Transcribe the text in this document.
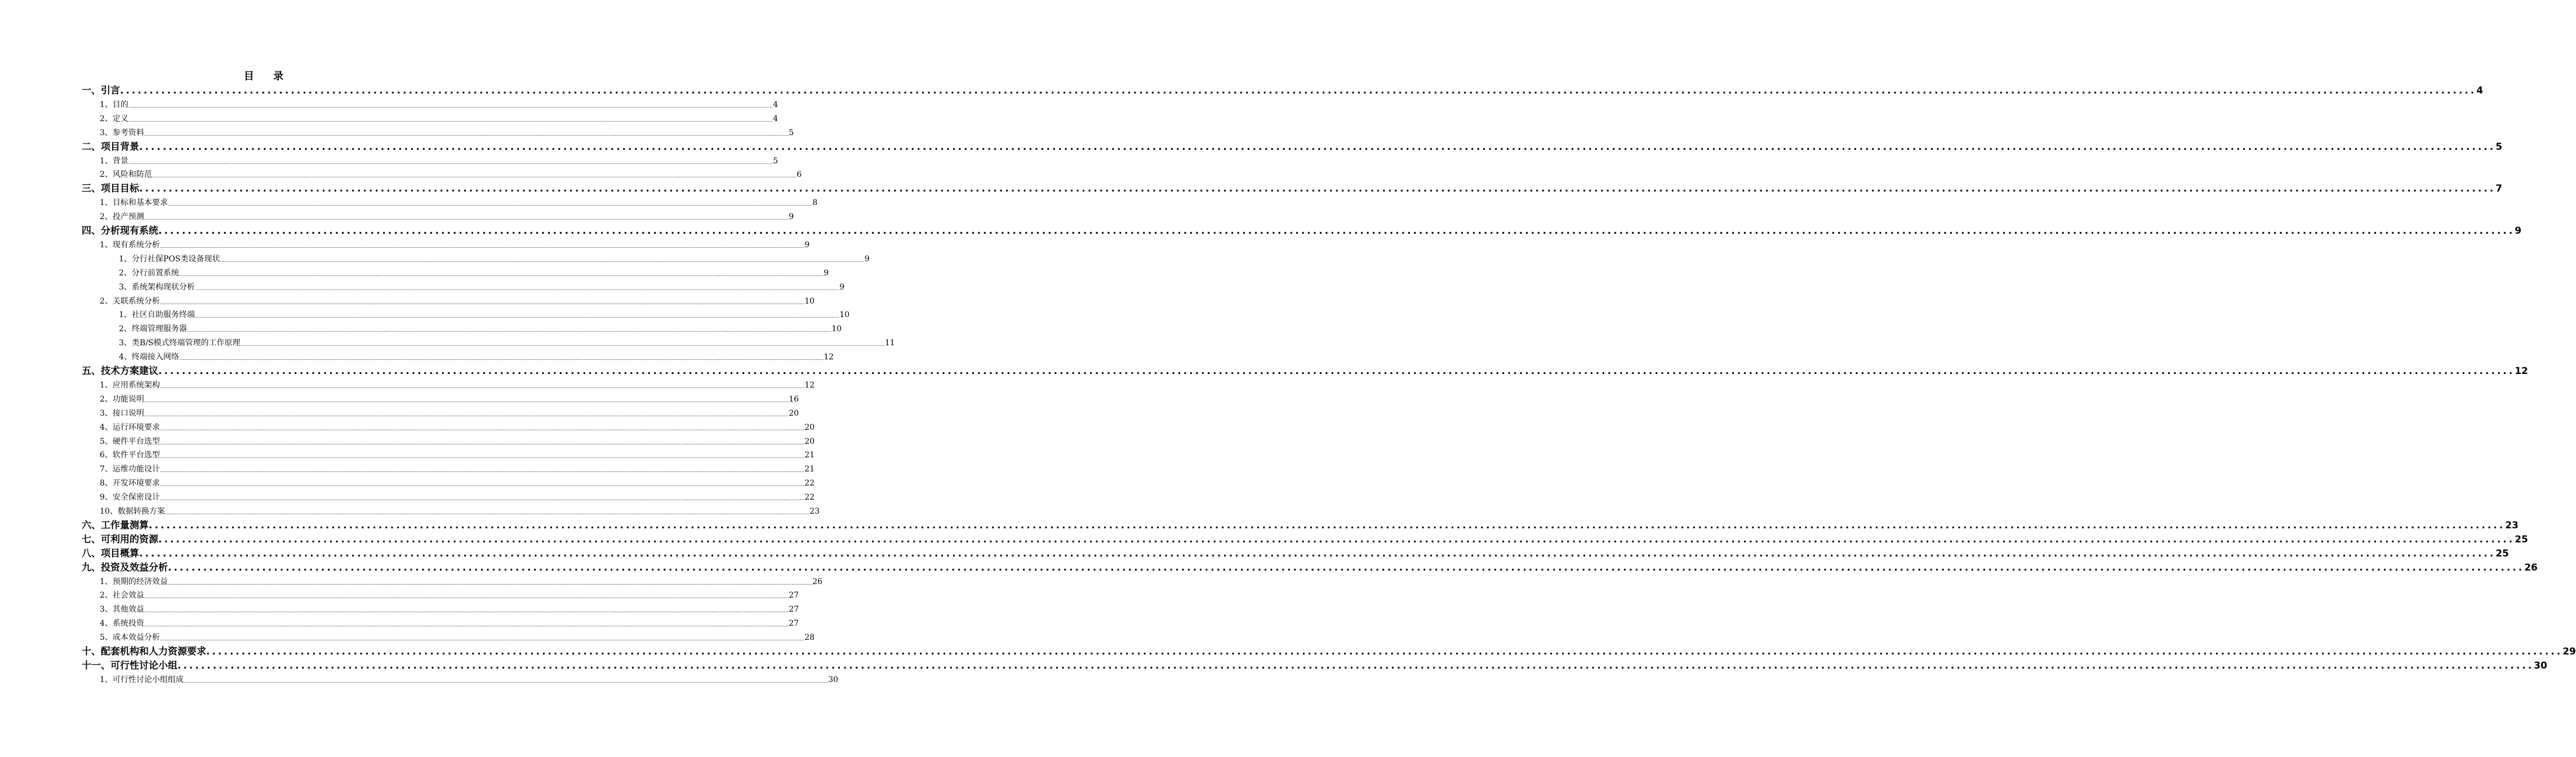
目 录
一、引言 ................................................................................................................................................................................................................................................................................................................................................................................................................ 4
1、目的 ................................................................................................................................................................................................................................................................................................................................................................................................................ 4
2、定义 ................................................................................................................................................................................................................................................................................................................................................................................................................ 4
3、参考资料 ................................................................................................................................................................................................................................................................................................................................................................................................................ 5
二、项目背景 ................................................................................................................................................................................................................................................................................................................................................................................................................ 5
1、背景 ................................................................................................................................................................................................................................................................................................................................................................................................................ 5
2、风险和防范 ................................................................................................................................................................................................................................................................................................................................................................................................................ 6
三、项目目标 ................................................................................................................................................................................................................................................................................................................................................................................................................ 7
1、目标和基本要求 ................................................................................................................................................................................................................................................................................................................................................................................................................ 8
2、投产预测 ................................................................................................................................................................................................................................................................................................................................................................................................................ 9
四、分析现有系统 ................................................................................................................................................................................................................................................................................................................................................................................................................ 9
1、现有系统分析 ................................................................................................................................................................................................................................................................................................................................................................................................................ 9
1、分行社保POS类设备现状 ................................................................................................................................................................................................................................................................................................................................................................................................................ 9
2、分行前置系统 ................................................................................................................................................................................................................................................................................................................................................................................................................ 9
3、系统架构现状分析 ................................................................................................................................................................................................................................................................................................................................................................................................................ 9
2、关联系统分析 ................................................................................................................................................................................................................................................................................................................................................................................................................ 10
1、社区自助服务终端 ................................................................................................................................................................................................................................................................................................................................................................................................................ 10
2、终端管理服务器 ................................................................................................................................................................................................................................................................................................................................................................................................................ 10
3、类B/S模式终端管理的工作原理 ................................................................................................................................................................................................................................................................................................................................................................................................................ 11
4、终端接入网络 ................................................................................................................................................................................................................................................................................................................................................................................................................ 12
五、技术方案建议 ................................................................................................................................................................................................................................................................................................................................................................................................................ 12
1、应用系统架构 ................................................................................................................................................................................................................................................................................................................................................................................................................ 12
2、功能说明 ................................................................................................................................................................................................................................................................................................................................................................................................................ 16
3、接口说明 ................................................................................................................................................................................................................................................................................................................................................................................................................ 20
4、运行环境要求 ................................................................................................................................................................................................................................................................................................................................................................................................................ 20
5、硬件平台选型 ................................................................................................................................................................................................................................................................................................................................................................................................................ 20
6、软件平台选型 ................................................................................................................................................................................................................................................................................................................................................................................................................ 21
7、运维功能设计 ................................................................................................................................................................................................................................................................................................................................................................................................................ 21
8、开发环境要求 ................................................................................................................................................................................................................................................................................................................................................................................................................ 22
9、安全保密设计 ................................................................................................................................................................................................................................................................................................................................................................................................................ 22
10、数据转换方案 ................................................................................................................................................................................................................................................................................................................................................................................................................ 23
六、工作量测算 ................................................................................................................................................................................................................................................................................................................................................................................................................ 23
七、可利用的资源 ................................................................................................................................................................................................................................................................................................................................................................................................................ 25
八、项目概算 ................................................................................................................................................................................................................................................................................................................................................................................................................ 25
九、投资及效益分析 ................................................................................................................................................................................................................................................................................................................................................................................................................ 26
1、预期的经济效益 ................................................................................................................................................................................................................................................................................................................................................................................................................ 26
2、社会效益 ................................................................................................................................................................................................................................................................................................................................................................................................................ 27
3、其他效益 ................................................................................................................................................................................................................................................................................................................................................................................................................ 27
4、系统投资 ................................................................................................................................................................................................................................................................................................................................................................................................................ 27
5、成本效益分析 ................................................................................................................................................................................................................................................................................................................................................................................................................ 28
十、配套机构和人力资源要求 ................................................................................................................................................................................................................................................................................................................................................................................................................ 29
十一、可行性讨论小组 ................................................................................................................................................................................................................................................................................................................................................................................................................ 30
1、可行性讨论小组组成 ................................................................................................................................................................................................................................................................................................................................................................................................................ 30
